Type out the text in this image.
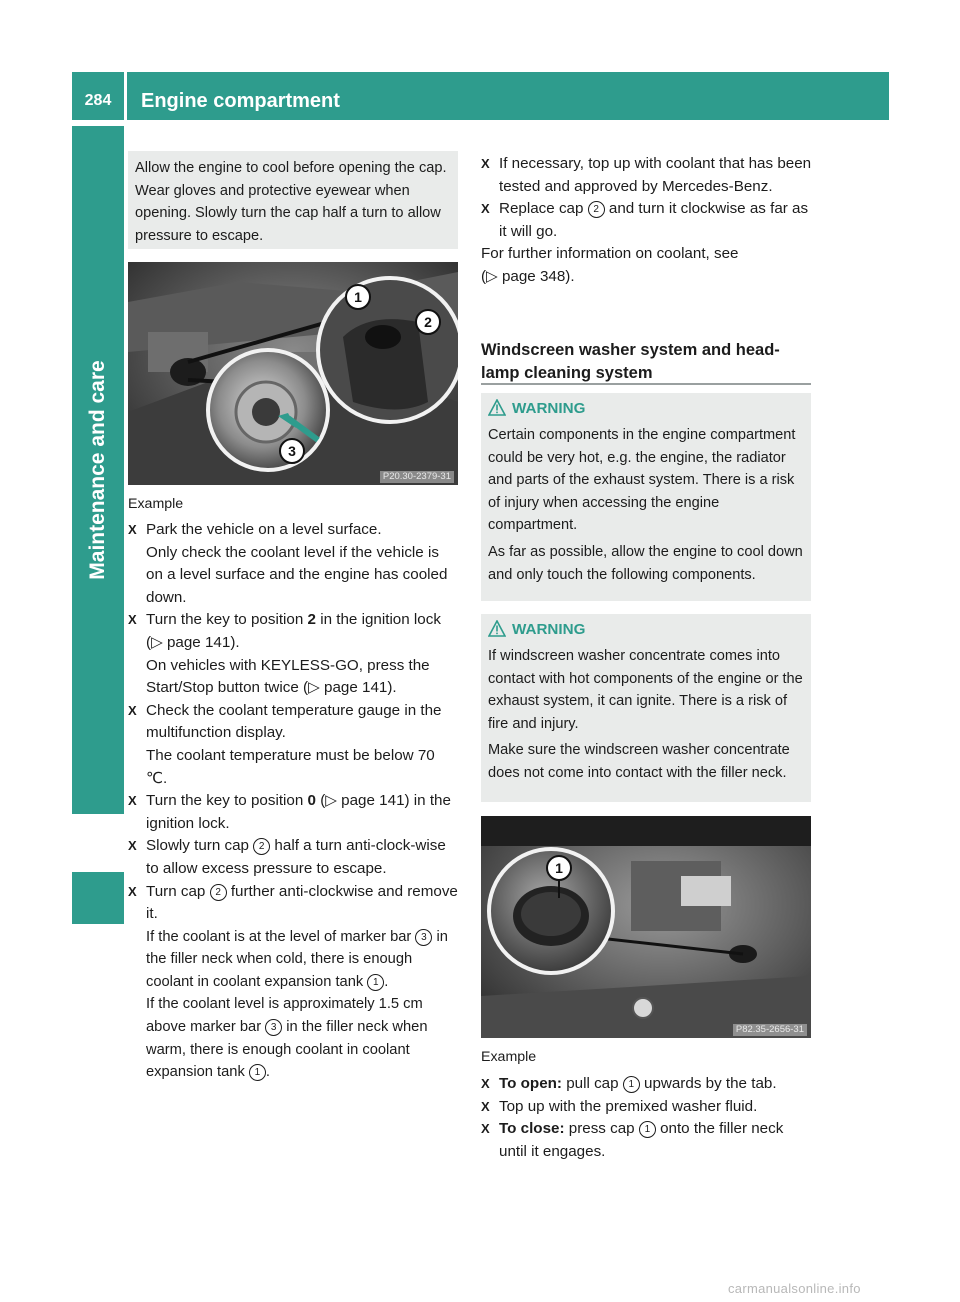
284	Engine compartment
Maintenance and care
Allow the engine to cool before opening the cap. Wear gloves and protective eyewear when opening. Slowly turn the cap half a turn to allow pressure to escape.
1
2
3
P20.30-2379-31
Example
X Park the vehicle on a level surface.

Only check the coolant level if the vehicle is on a level surface and the engine has cooled down.

X Turn the key to position 2 in the ignition lock (▷ page 141).

On vehicles with KEYLESS-GO, press the Start/Stop button twice (▷ page 141).

X Check the coolant temperature gauge in the multifunction display.

The coolant temperature must be below 70 ℃.

X Turn the key to position 0 (▷ page 141) in the ignition lock.
X Slowly turn cap 2 half a turn anti-clock-wise to allow excess pressure to escape.
X Turn cap 2 further anti-clockwise and remove it.

If the coolant is at the level of marker bar 3 in the filler neck when cold, there is enough coolant in coolant expansion tank 1 .

If the coolant level is approximately 1.5 cm above marker bar 3 in the filler neck when warm, there is enough coolant in coolant expansion tank 1 .

X If necessary, top up with coolant that has been tested and approved by Mercedes-Benz.
X Replace cap 2 and turn it clockwise as far as it will go.

For further information on coolant, see

(▷ page 348).

Windscreen washer system and head-
lamp cleaning system
WARNING

Certain components in the engine compartment could be very hot, e.g. the engine, the radiator and parts of the exhaust system. There is a risk of injury when accessing the engine compartment.

As far as possible, allow the engine to cool down and only touch the following components.

WARNING

If windscreen washer concentrate comes into contact with hot components of the engine or the exhaust system, it can ignite. There is a risk of fire and injury.

Make sure the windscreen washer concentrate does not come into contact with the filler neck.

1
P82.35-2656-31
Example
X To open: pull cap 1 upwards by the tab.
X Top up with the premixed washer fluid.
X To close: press cap 1 onto the filler neck until it engages.
carmanualsonline.info
